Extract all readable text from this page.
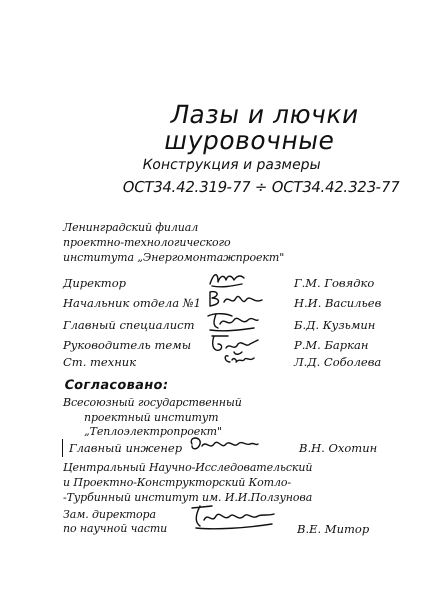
Лазы и лючки
шуровочные
Конструкция и размеры
ОСТ34.42.319-77 ÷ ОСТ34.42.323-77
Ленинградский филиал
проектно-технологического
института „Энергомонтажпроект"
Директор	Г.М. Говядко
Начальник отдела №1	Н.И. Васильев
Главный специалист	Б.Д. Кузьмин
Руководитель темы	Р.М. Баркан
Ст. техник	Л.Д. Соболева
Согласовано:
Всесоюзный государственный
проектный институт
„Теплоэлектропроект"
Главный инженер	В.Н. Охотин
Центральный Научно-Исследовательский
и Проектно-Конструкторский Котло-
-Турбинный институт им. И.И.Ползунова
Зам. директора
по научной части	В.Е. Митор
